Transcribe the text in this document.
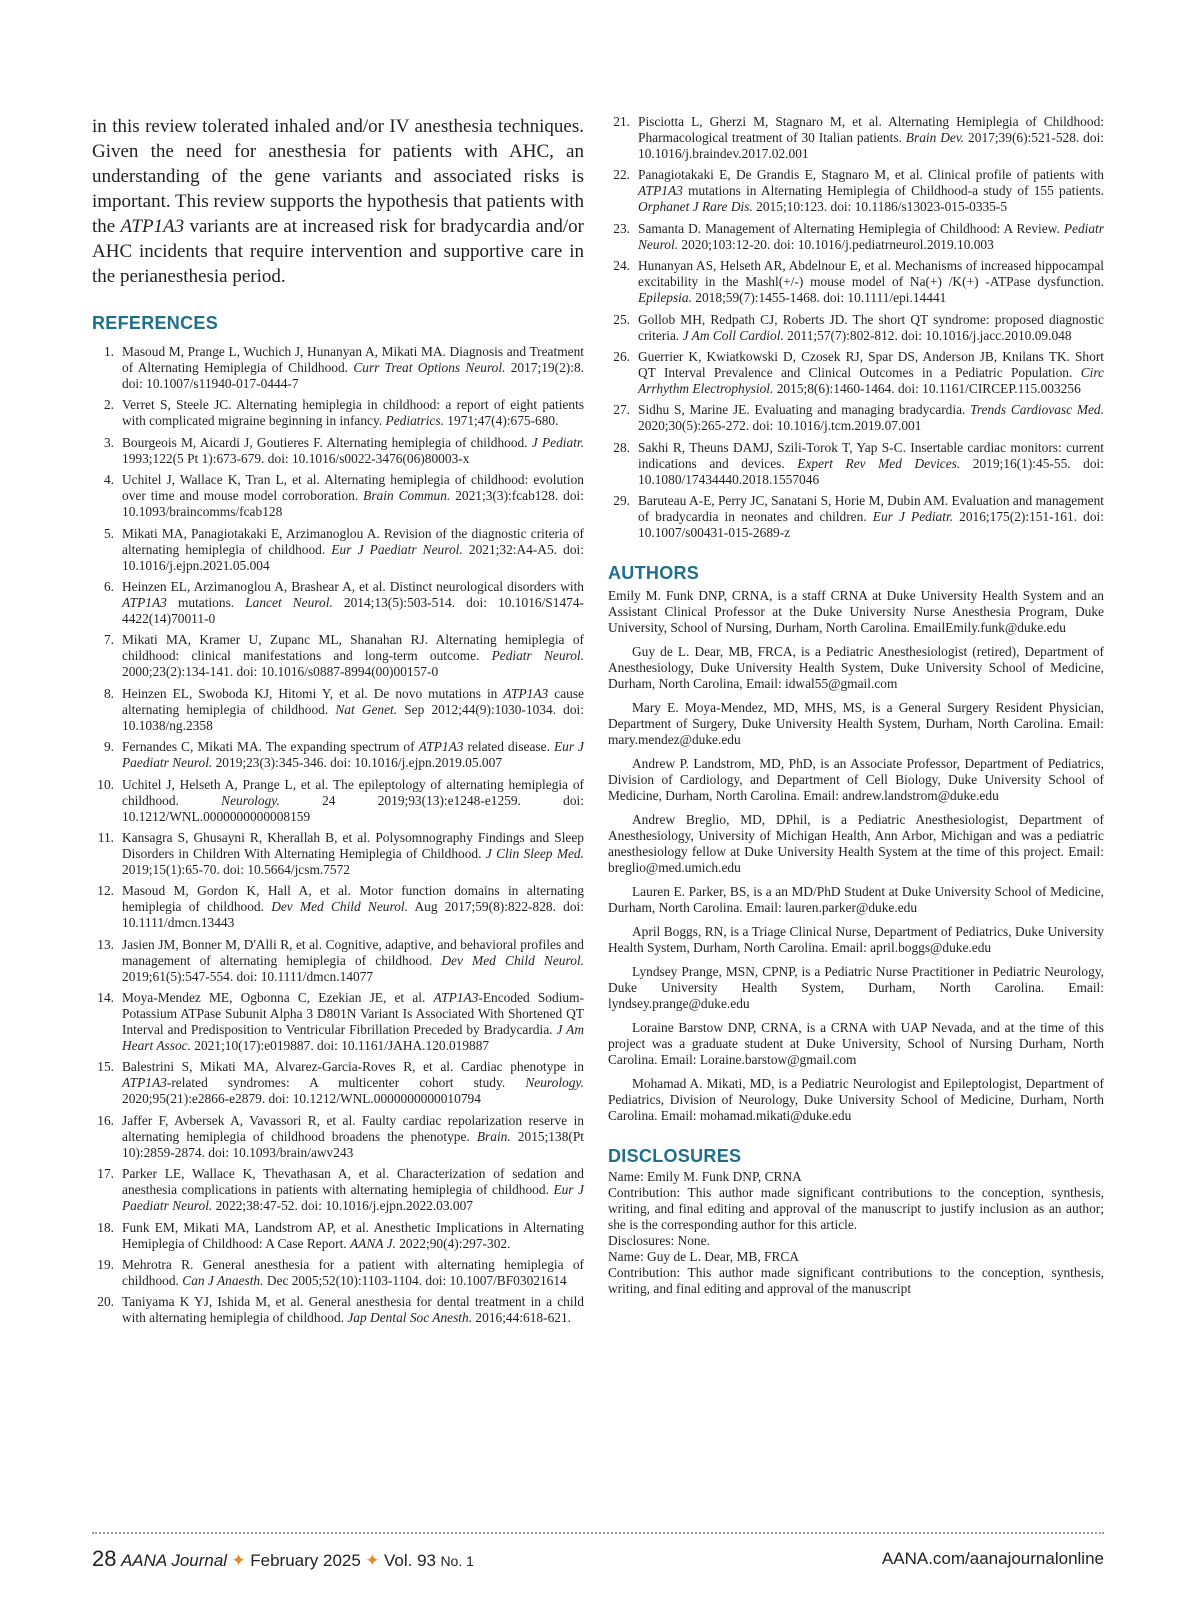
in this review tolerated inhaled and/or IV anesthesia techniques. Given the need for anesthesia for patients with AHC, an understanding of the gene variants and associated risks is important. This review supports the hypothesis that patients with the ATP1A3 variants are at increased risk for bradycardia and/or AHC incidents that require intervention and supportive care in the perianesthesia period.

REFERENCES
1. Masoud M, Prange L, Wuchich J, Hunanyan A, Mikati MA. Diagnosis and Treatment of Alternating Hemiplegia of Childhood. Curr Treat Options Neurol. 2017;19(2):8. doi: 10.1007/s11940-017-0444-7
2. Verret S, Steele JC. Alternating hemiplegia in childhood: a report of eight patients with complicated migraine beginning in infancy. Pediatrics. 1971;47(4):675-680.
3. Bourgeois M, Aicardi J, Goutieres F. Alternating hemiplegia of childhood. J Pediatr. 1993;122(5 Pt 1):673-679. doi: 10.1016/s0022-3476(06)80003-x
4. Uchitel J, Wallace K, Tran L, et al. Alternating hemiplegia of childhood: evolution over time and mouse model corroboration. Brain Commun. 2021;3(3):fcab128. doi: 10.1093/braincomms/fcab128
5. Mikati MA, Panagiotakaki E, Arzimanoglou A. Revision of the diagnostic criteria of alternating hemiplegia of childhood. Eur J Paediatr Neurol. 2021;32:A4-A5. doi: 10.1016/j.ejpn.2021.05.004
6. Heinzen EL, Arzimanoglou A, Brashear A, et al. Distinct neurological disorders with ATP1A3 mutations. Lancet Neurol. 2014;13(5):503-514. doi: 10.1016/S1474-4422(14)70011-0
7. Mikati MA, Kramer U, Zupanc ML, Shanahan RJ. Alternating hemiplegia of childhood: clinical manifestations and long-term outcome. Pediatr Neurol. 2000;23(2):134-141. doi: 10.1016/s0887-8994(00)00157-0
8. Heinzen EL, Swoboda KJ, Hitomi Y, et al. De novo mutations in ATP1A3 cause alternating hemiplegia of childhood. Nat Genet. Sep 2012;44(9):1030-1034. doi: 10.1038/ng.2358
9. Fernandes C, Mikati MA. The expanding spectrum of ATP1A3 related disease. Eur J Paediatr Neurol. 2019;23(3):345-346. doi: 10.1016/j.ejpn.2019.05.007
10. Uchitel J, Helseth A, Prange L, et al. The epileptology of alternating hemiplegia of childhood. Neurology. 24 2019;93(13):e1248-e1259. doi: 10.1212/WNL.0000000000008159
11. Kansagra S, Ghusayni R, Kherallah B, et al. Polysomnography Findings and Sleep Disorders in Children With Alternating Hemiplegia of Childhood. J Clin Sleep Med. 2019;15(1):65-70. doi: 10.5664/jcsm.7572
12. Masoud M, Gordon K, Hall A, et al. Motor function domains in alternating hemiplegia of childhood. Dev Med Child Neurol. Aug 2017;59(8):822-828. doi: 10.1111/dmcn.13443
13. Jasien JM, Bonner M, D'Alli R, et al. Cognitive, adaptive, and behavioral profiles and management of alternating hemiplegia of childhood. Dev Med Child Neurol. 2019;61(5):547-554. doi: 10.1111/dmcn.14077
14. Moya-Mendez ME, Ogbonna C, Ezekian JE, et al. ATP1A3-Encoded Sodium-Potassium ATPase Subunit Alpha 3 D801N Variant Is Associated With Shortened QT Interval and Predisposition to Ventricular Fibrillation Preceded by Bradycardia. J Am Heart Assoc. 2021;10(17):e019887. doi: 10.1161/JAHA.120.019887
15. Balestrini S, Mikati MA, Alvarez-Garcia-Roves R, et al. Cardiac phenotype in ATP1A3-related syndromes: A multicenter cohort study. Neurology. 2020;95(21):e2866-e2879. doi: 10.1212/WNL.0000000000010794
16. Jaffer F, Avbersek A, Vavassori R, et al. Faulty cardiac repolarization reserve in alternating hemiplegia of childhood broadens the phenotype. Brain. 2015;138(Pt 10):2859-2874. doi: 10.1093/brain/awv243
17. Parker LE, Wallace K, Thevathasan A, et al. Characterization of sedation and anesthesia complications in patients with alternating hemiplegia of childhood. Eur J Paediatr Neurol. 2022;38:47-52. doi: 10.1016/j.ejpn.2022.03.007
18. Funk EM, Mikati MA, Landstrom AP, et al. Anesthetic Implications in Alternating Hemiplegia of Childhood: A Case Report. AANA J. 2022;90(4):297-302.
19. Mehrotra R. General anesthesia for a patient with alternating hemiplegia of childhood. Can J Anaesth. Dec 2005;52(10):1103-1104. doi: 10.1007/BF03021614
20. Taniyama K YJ, Ishida M, et al. General anesthesia for dental treatment in a child with alternating hemiplegia of childhood. Jap Dental Soc Anesth. 2016;44:618-621.
21. Pisciotta L, Gherzi M, Stagnaro M, et al. Alternating Hemiplegia of Childhood: Pharmacological treatment of 30 Italian patients. Brain Dev. 2017;39(6):521-528. doi: 10.1016/j.braindev.2017.02.001
22. Panagiotakaki E, De Grandis E, Stagnaro M, et al. Clinical profile of patients with ATP1A3 mutations in Alternating Hemiplegia of Childhood-a study of 155 patients. Orphanet J Rare Dis. 2015;10:123. doi: 10.1186/s13023-015-0335-5
23. Samanta D. Management of Alternating Hemiplegia of Childhood: A Review. Pediatr Neurol. 2020;103:12-20. doi: 10.1016/j.pediatrneurol.2019.10.003
24. Hunanyan AS, Helseth AR, Abdelnour E, et al. Mechanisms of increased hippocampal excitability in the Mashl(+/-) mouse model of Na(+) /K(+) -ATPase dysfunction. Epilepsia. 2018;59(7):1455-1468. doi: 10.1111/epi.14441
25. Gollob MH, Redpath CJ, Roberts JD. The short QT syndrome: proposed diagnostic criteria. J Am Coll Cardiol. 2011;57(7):802-812. doi: 10.1016/j.jacc.2010.09.048
26. Guerrier K, Kwiatkowski D, Czosek RJ, Spar DS, Anderson JB, Knilans TK. Short QT Interval Prevalence and Clinical Outcomes in a Pediatric Population. Circ Arrhythm Electrophysiol. 2015;8(6):1460-1464. doi: 10.1161/CIRCEP.115.003256
27. Sidhu S, Marine JE. Evaluating and managing bradycardia. Trends Cardiovasc Med. 2020;30(5):265-272. doi: 10.1016/j.tcm.2019.07.001
28. Sakhi R, Theuns DAMJ, Szili-Torok T, Yap S-C. Insertable cardiac monitors: current indications and devices. Expert Rev Med Devices. 2019;16(1):45-55. doi: 10.1080/17434440.2018.1557046
29. Baruteau A-E, Perry JC, Sanatani S, Horie M, Dubin AM. Evaluation and management of bradycardia in neonates and children. Eur J Pediatr. 2016;175(2):151-161. doi: 10.1007/s00431-015-2689-z
AUTHORS

Emily M. Funk DNP, CRNA, is a staff CRNA at Duke University Health System and an Assistant Clinical Professor at the Duke University Nurse Anesthesia Program, Duke University, School of Nursing, Durham, North Carolina. EmailEmily.funk@duke.edu

Guy de L. Dear, MB, FRCA, is a Pediatric Anesthesiologist (retired), Department of Anesthesiology, Duke University Health System, Duke University School of Medicine, Durham, North Carolina, Email: idwal55@gmail.com

Mary E. Moya-Mendez, MD, MHS, MS, is a General Surgery Resident Physician, Department of Surgery, Duke University Health System, Durham, North Carolina. Email: mary.mendez@duke.edu

Andrew P. Landstrom, MD, PhD, is an Associate Professor, Department of Pediatrics, Division of Cardiology, and Department of Cell Biology, Duke University School of Medicine, Durham, North Carolina. Email: andrew.landstrom@duke.edu

Andrew Breglio, MD, DPhil, is a Pediatric Anesthesiologist, Department of Anesthesiology, University of Michigan Health, Ann Arbor, Michigan and was a pediatric anesthesiology fellow at Duke University Health System at the time of this project. Email: breglio@med.umich.edu

Lauren E. Parker, BS, is a an MD/PhD Student at Duke University School of Medicine, Durham, North Carolina. Email: lauren.parker@duke.edu

April Boggs, RN, is a Triage Clinical Nurse, Department of Pediatrics, Duke University Health System, Durham, North Carolina. Email: april.boggs@duke.edu

Lyndsey Prange, MSN, CPNP, is a Pediatric Nurse Practitioner in Pediatric Neurology, Duke University Health System, Durham, North Carolina. Email: lyndsey.prange@duke.edu

Loraine Barstow DNP, CRNA, is a CRNA with UAP Nevada, and at the time of this project was a graduate student at Duke University, School of Nursing Durham, North Carolina. Email: Loraine.barstow@gmail.com

Mohamad A. Mikati, MD, is a Pediatric Neurologist and Epileptologist, Department of Pediatrics, Division of Neurology, Duke University School of Medicine, Durham, North Carolina. Email: mohamad.mikati@duke.edu

DISCLOSURES

Name: Emily M. Funk DNP, CRNA

Contribution: This author made significant contributions to the conception, synthesis, writing, and final editing and approval of the manuscript to justify inclusion as an author; she is the corresponding author for this article.

Disclosures: None.

Name: Guy de L. Dear, MB, FRCA

Contribution: This author made significant contributions to the conception, synthesis, writing, and final editing and approval of the manuscript

28 AANA Journal ✦ February 2025 ✦ Vol. 93 No. 1	AANA.com/aanajournalonline
